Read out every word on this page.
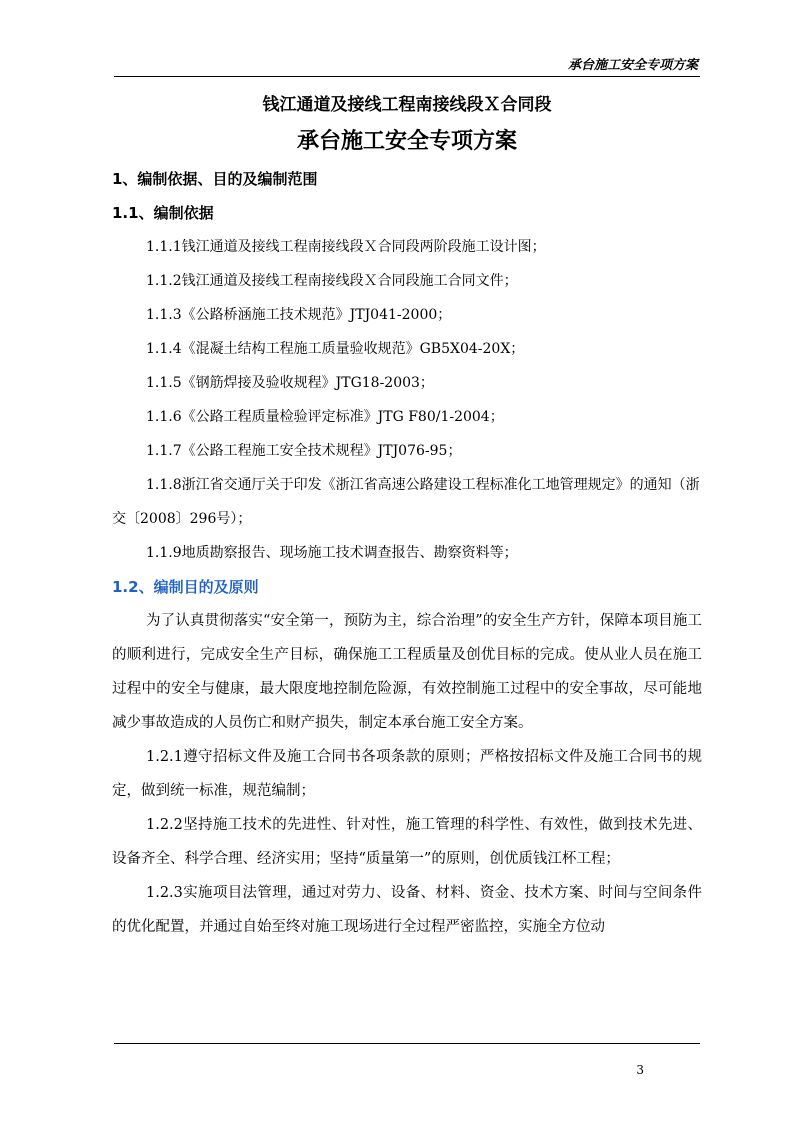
承台施工安全专项方案
钱江通道及接线工程南接线段Ｘ合同段
承台施工安全专项方案
1、编制依据、目的及编制范围
1.1、编制依据
1.1.1钱江通道及接线工程南接线段Ｘ合同段两阶段施工设计图；
1.1.2钱江通道及接线工程南接线段Ｘ合同段施工合同文件；
1.1.3《公路桥涵施工技术规范》JTJ041-2000；
1.1.4《混凝土结构工程施工质量验收规范》GB5X04-20X；
1.1.5《钢筋焊接及验收规程》JTG18-2003；
1.1.6《公路工程质量检验评定标准》JTG F80/1-2004；
1.1.7《公路工程施工安全技术规程》JTJ076-95；
1.1.8浙江省交通厅关于印发《浙江省高速公路建设工程标准化工地管理规定》的通知（浙交〔2008〕296号）；
1.1.9地质勘察报告、现场施工技术调查报告、勘察资料等；
1.2、编制目的及原则
为了认真贯彻落实“安全第一，预防为主，综合治理”的安全生产方针，保障本项目施工的顺利进行，完成安全生产目标，确保施工工程质量及创优目标的完成。使从业人员在施工过程中的安全与健康，最大限度地控制危险源，有效控制施工过程中的安全事故，尽可能地减少事故造成的人员伤亡和财产损失，制定本承台施工安全方案。
1.2.1遵守招标文件及施工合同书各项条款的原则；严格按招标文件及施工合同书的规定，做到统一标准，规范编制；
1.2.2坚持施工技术的先进性、针对性，施工管理的科学性、有效性，做到技术先进、设备齐全、科学合理、经济实用；坚持“质量第一”的原则，创优质钱江杯工程；
1.2.3实施项目法管理，通过对劳力、设备、材料、资金、技术方案、时间与空间条件的优化配置，并通过自始至终对施工现场进行全过程严密监控，实施全方位动
3
